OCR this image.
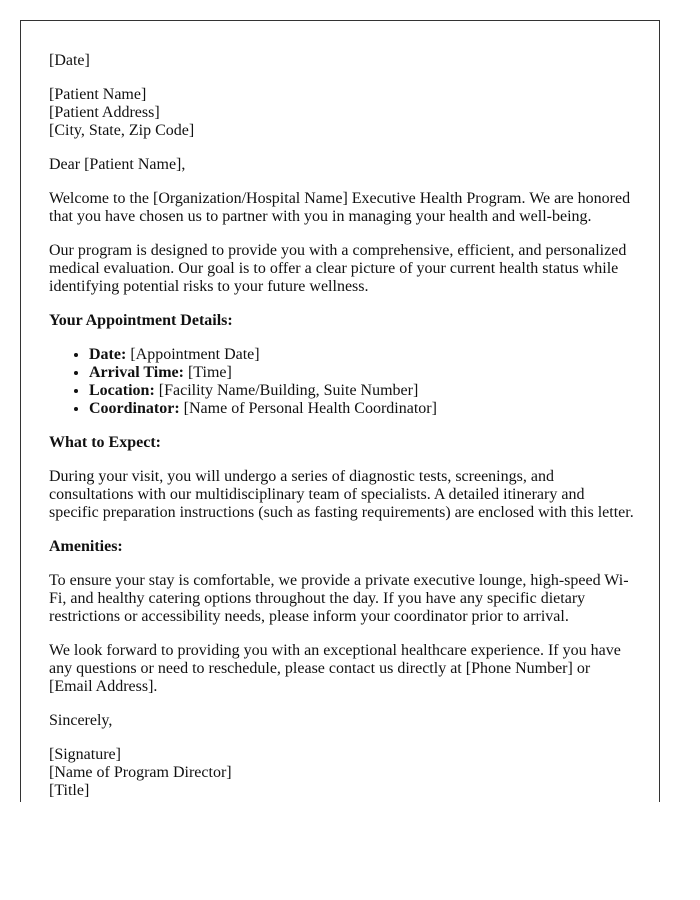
[Date]

[Patient Name]
[Patient Address]
[City, State, Zip Code]

Dear [Patient Name],

Welcome to the [Organization/Hospital Name] Executive Health Program. We are honored that you have chosen us to partner with you in managing your health and well-being.

Our program is designed to provide you with a comprehensive, efficient, and personalized medical evaluation. Our goal is to offer a clear picture of your current health status while identifying potential risks to your future wellness.

Your Appointment Details:
• Date: [Appointment Date]
• Arrival Time: [Time]
• Location: [Facility Name/Building, Suite Number]
• Coordinator: [Name of Personal Health Coordinator]
What to Expect:

During your visit, you will undergo a series of diagnostic tests, screenings, and consultations with our multidisciplinary team of specialists. A detailed itinerary and specific preparation instructions (such as fasting requirements) are enclosed with this letter.

Amenities:

To ensure your stay is comfortable, we provide a private executive lounge, high-speed Wi-Fi, and healthy catering options throughout the day. If you have any specific dietary restrictions or accessibility needs, please inform your coordinator prior to arrival.

We look forward to providing you with an exceptional healthcare experience. If you have any questions or need to reschedule, please contact us directly at [Phone Number] or [Email Address].

Sincerely,

[Signature]
[Name of Program Director]
[Title]
